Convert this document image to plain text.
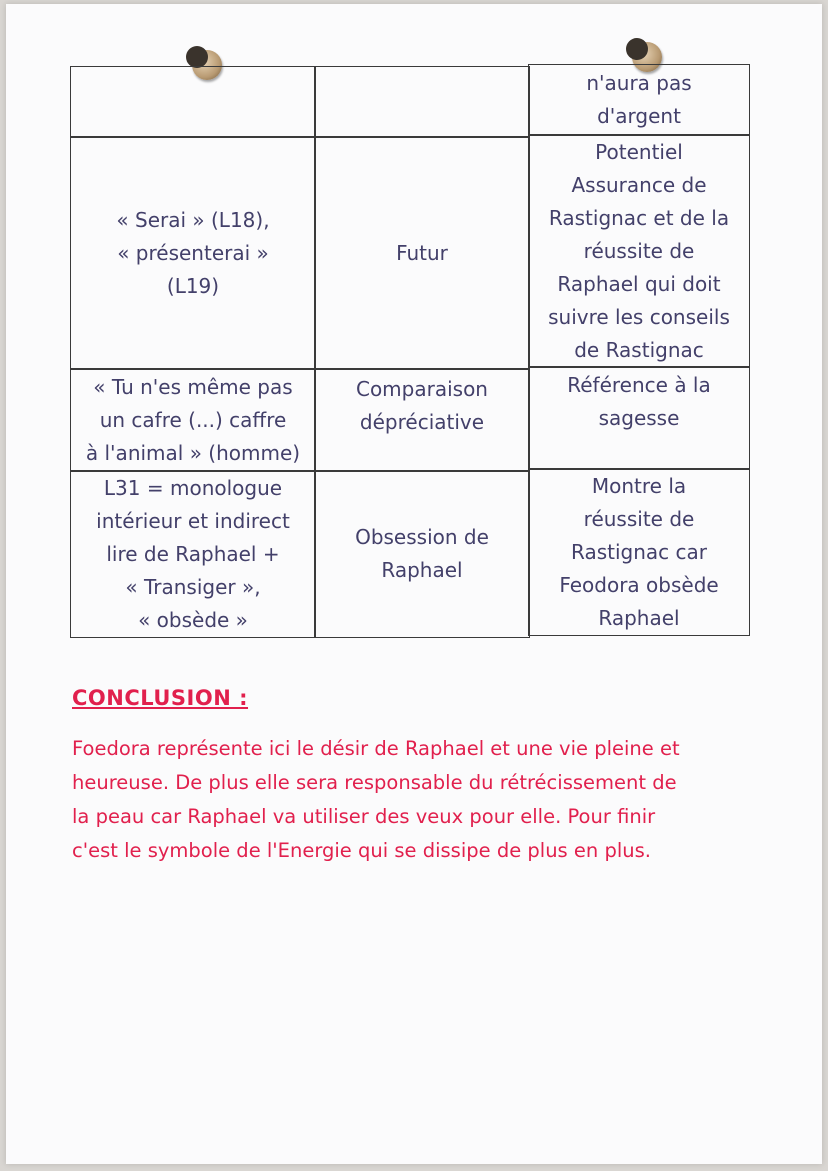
n'aura pas
d'argent
« Serai » (L18),
« présenterai »
(L19)
Futur
Potentiel
Assurance de
Rastignac et de la
réussite de
Raphael qui doit
suivre les conseils
de Rastignac
« Tu n'es même pas
un cafre (...) caffre
à l'animal » (homme)
Comparaison
dépréciative
Référence à la
sagesse
L31 = monologue
intérieur et indirect
lire de Raphael +
« Transiger »,
« obsède »
Obsession de
Raphael
Montre la
réussite de
Rastignac car
Feodora obsède
Raphael
CONCLUSION :
Foedora représente ici le désir de Raphael et une vie pleine et
heureuse. De plus elle sera responsable du rétrécissement de
la peau car Raphael va utiliser des veux pour elle. Pour finir
c'est le symbole de l'Energie qui se dissipe de plus en plus.
